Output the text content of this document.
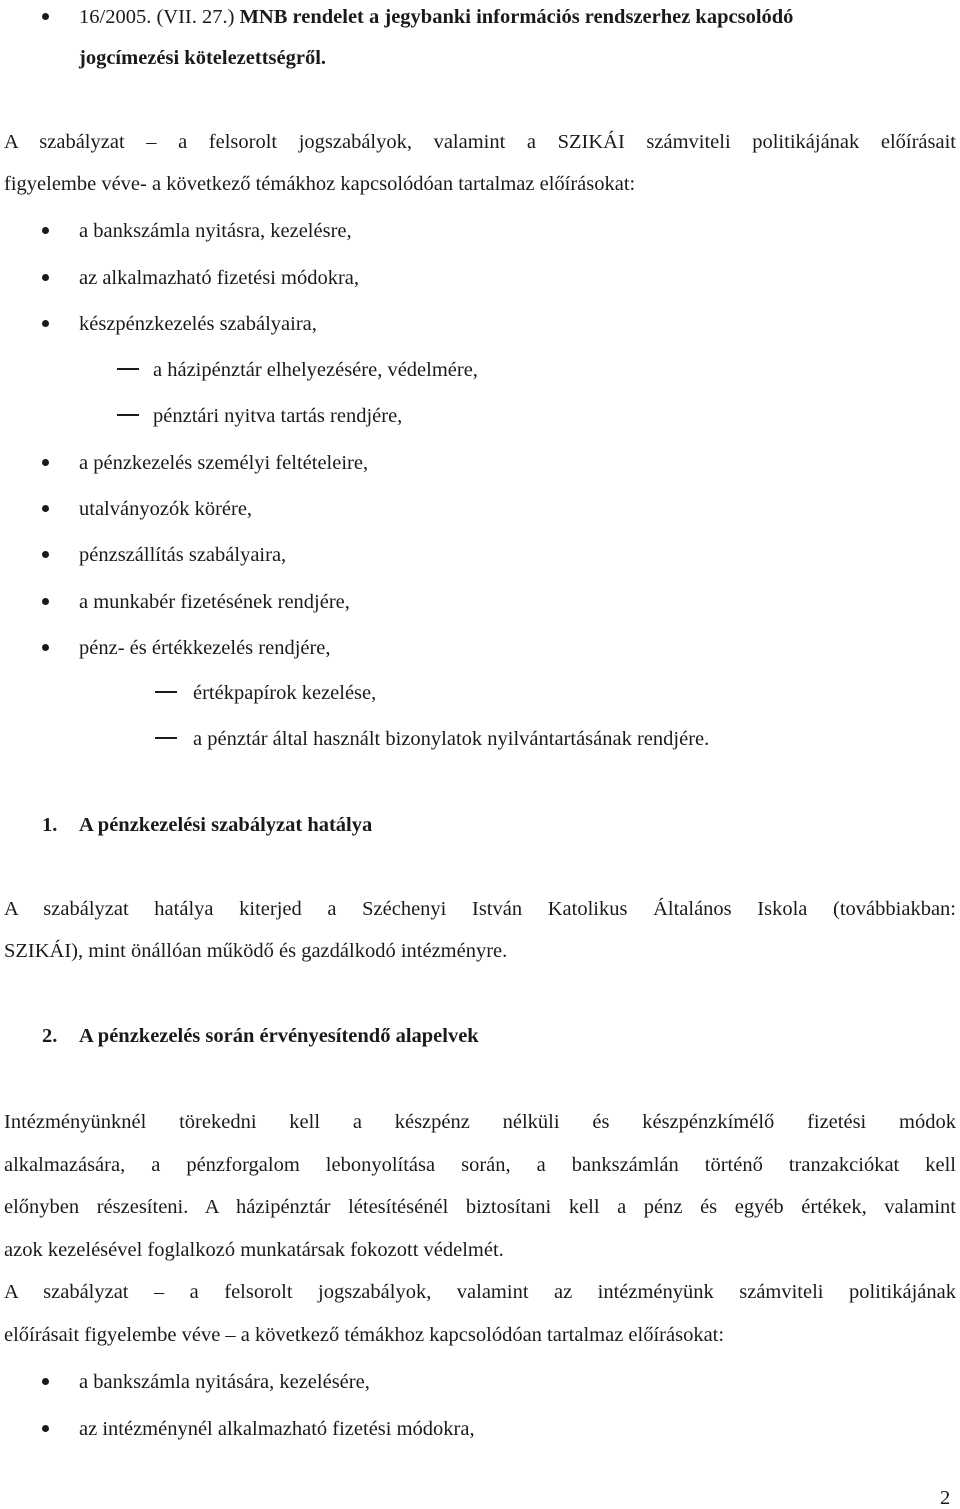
16/2005. (VII. 27.) MNB rendelet a jegybanki információs rendszerhez kapcsolódó
jogcímezési kötelezettségről.
A szabályzat – a felsorolt jogszabályok, valamint a SZIKÁI számviteli politikájának előírásait
figyelembe véve- a következő témákhoz kapcsolódóan tartalmaz előírásokat:
a bankszámla nyitásra, kezelésre,
az alkalmazható fizetési módokra,
készpénzkezelés szabályaira,
a házipénztár elhelyezésére, védelmére,
pénztári nyitva tartás rendjére,
a pénzkezelés személyi feltételeire,
utalványozók körére,
pénzszállítás szabályaira,
a munkabér fizetésének rendjére,
pénz- és értékkezelés rendjére,
értékpapírok kezelése,
a pénztár által használt bizonylatok nyilvántartásának rendjére.
1. A pénzkezelési szabályzat hatálya
A szabályzat hatálya kiterjed a Széchenyi István Katolikus Általános Iskola (továbbiakban:
SZIKÁI), mint önállóan működő és gazdálkodó intézményre.
2. A pénzkezelés során érvényesítendő alapelvek
Intézményünknél törekedni kell a készpénz nélküli és készpénzkímélő fizetési módok
alkalmazására, a pénzforgalom lebonyolítása során, a bankszámlán történő tranzakciókat kell
előnyben részesíteni. A házipénztár létesítésénél biztosítani kell a pénz és egyéb értékek, valamint
azok kezelésével foglalkozó munkatársak fokozott védelmét.
A szabályzat – a felsorolt jogszabályok, valamint az intézményünk számviteli politikájának
előírásait figyelembe véve – a következő témákhoz kapcsolódóan tartalmaz előírásokat:
a bankszámla nyitására, kezelésére,
az intézménynél alkalmazható fizetési módokra,
2
